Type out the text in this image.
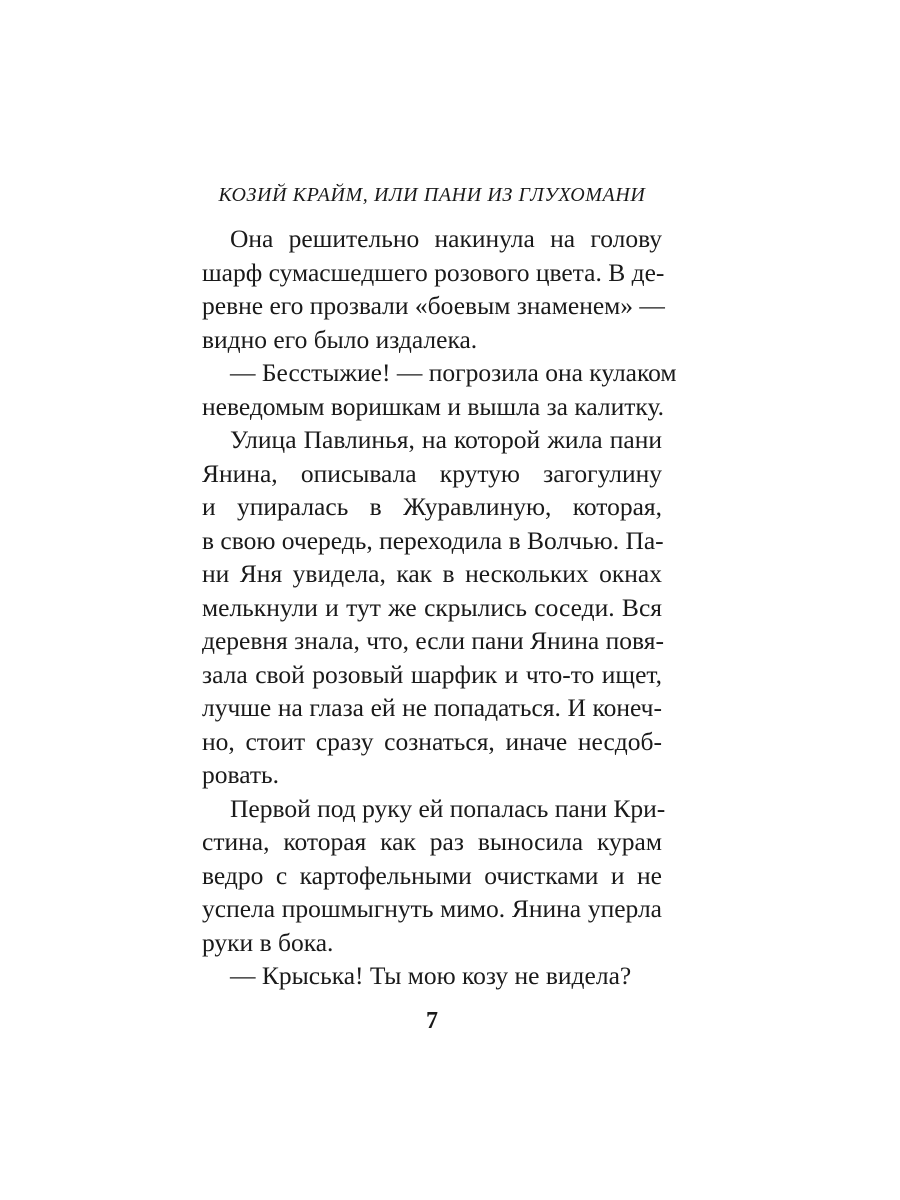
КОЗИЙ КРАЙМ, ИЛИ ПАНИ ИЗ ГЛУХОМАНИ
Она решительно накинула на голову
шарф сумасшедшего розового цвета. В де-
ревне его прозвали «боевым знаменем» —
видно его было издалека.
— Бесстыжие! — погрозила она кулаком
неведомым воришкам и вышла за калитку.
Улица Павлинья, на которой жила пани
Янина, описывала крутую загогулину
и упиралась в Журавлиную, которая,
в свою очередь, переходила в Волчью. Па-
ни Яня увидела, как в нескольких окнах
мелькнули и тут же скрылись соседи. Вся
деревня знала, что, если пани Янина повя-
зала свой розовый шарфик и что-то ищет,
лучше на глаза ей не попадаться. И конеч-
но, стоит сразу сознаться, иначе несдоб-
ровать.
Первой под руку ей попалась пани Кри-
стина, которая как раз выносила курам
ведро с картофельными очистками и не
успела прошмыгнуть мимо. Янина уперла
руки в бока.
— Крыська! Ты мою козу не видела?
7
